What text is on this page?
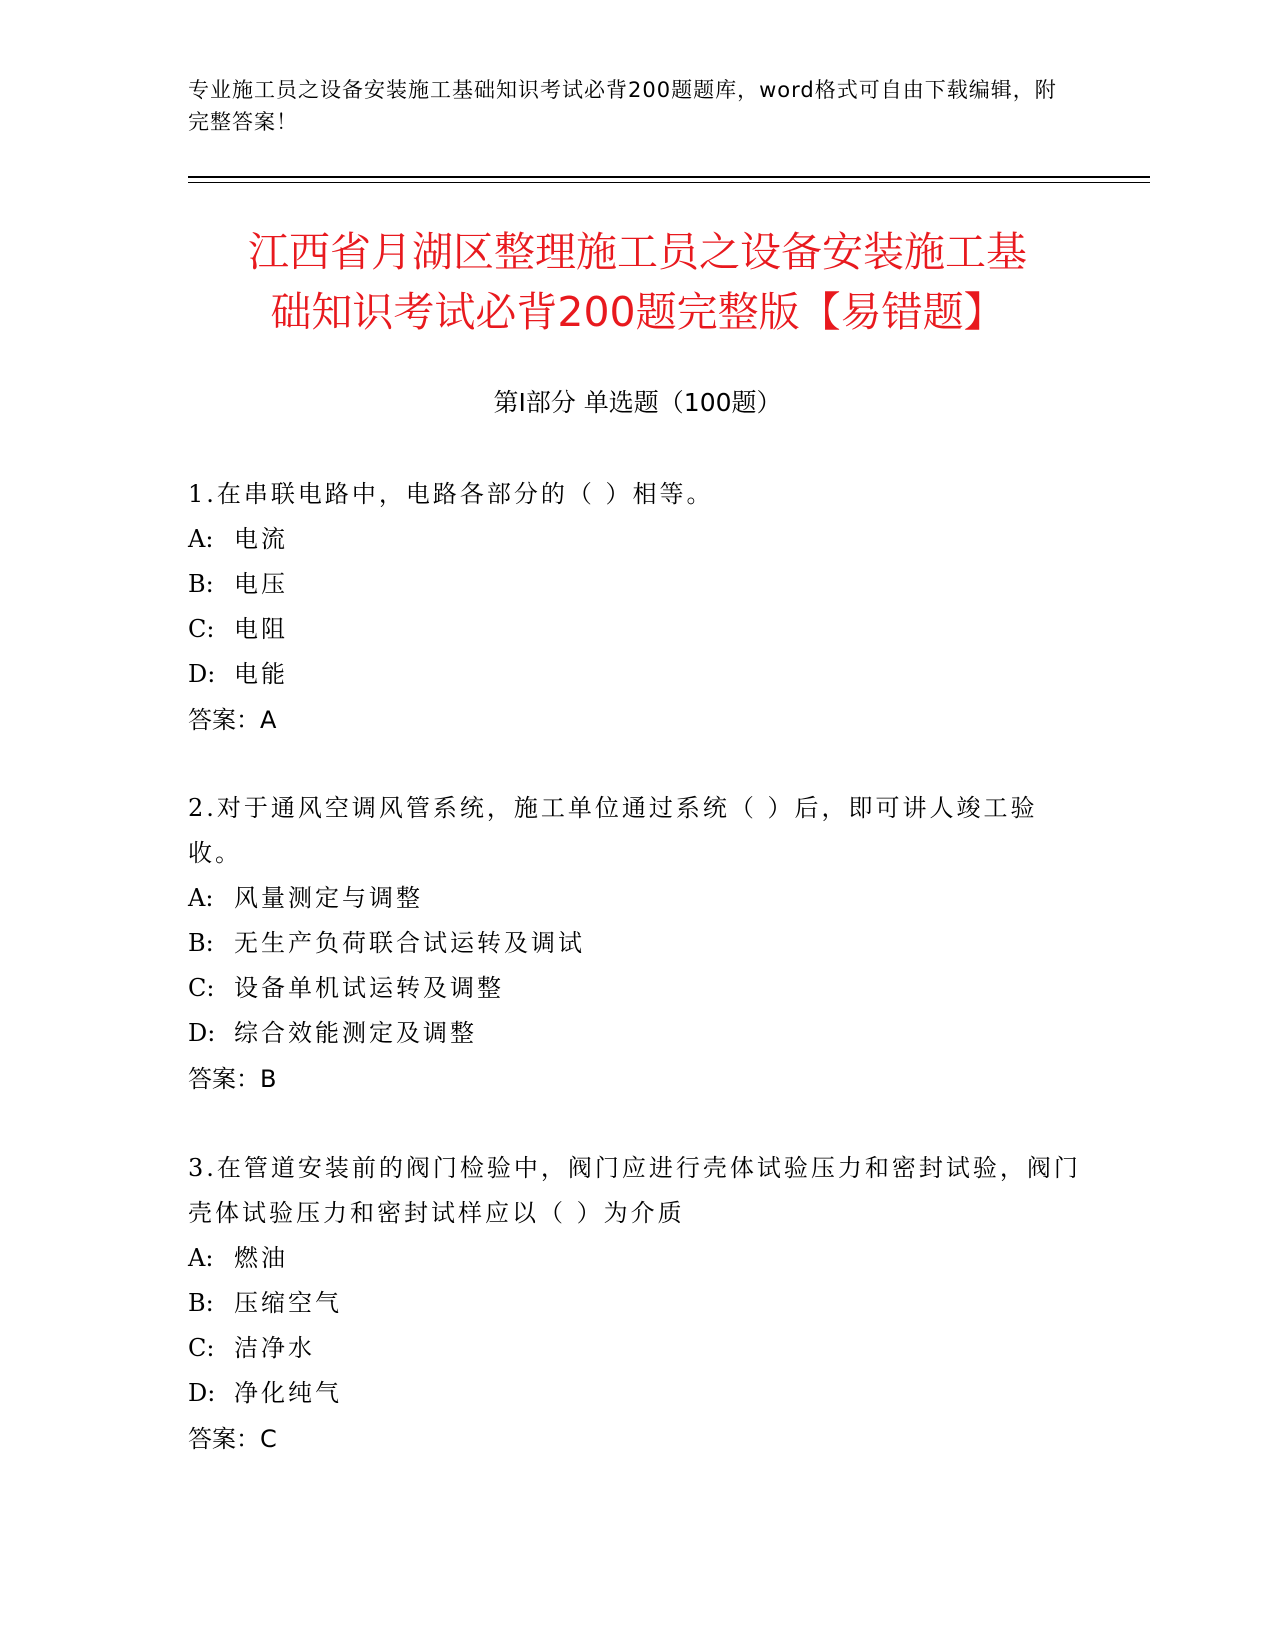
专业施工员之设备安装施工基础知识考试必背200题题库，word格式可自由下载编辑，附完整答案！
江西省月湖区整理施工员之设备安装施工基
础知识考试必背200题完整版【易错题】
第Ⅰ部分 单选题（100题）
1.在串联电路中，电路各部分的（ ）相等。
A: 电流
B: 电压
C: 电阻
D: 电能
答案：A
2.对于通风空调风管系统，施工单位通过系统（ ）后，即可讲人竣工验收。
A: 风量测定与调整
B: 无生产负荷联合试运转及调试
C: 设备单机试运转及调整
D: 综合效能测定及调整
答案：B
3.在管道安装前的阀门检验中，阀门应进行壳体试验压力和密封试验，阀门壳体试验压力和密封试样应以（ ）为介质
A: 燃油
B: 压缩空气
C: 洁净水
D: 净化纯气
答案：C
